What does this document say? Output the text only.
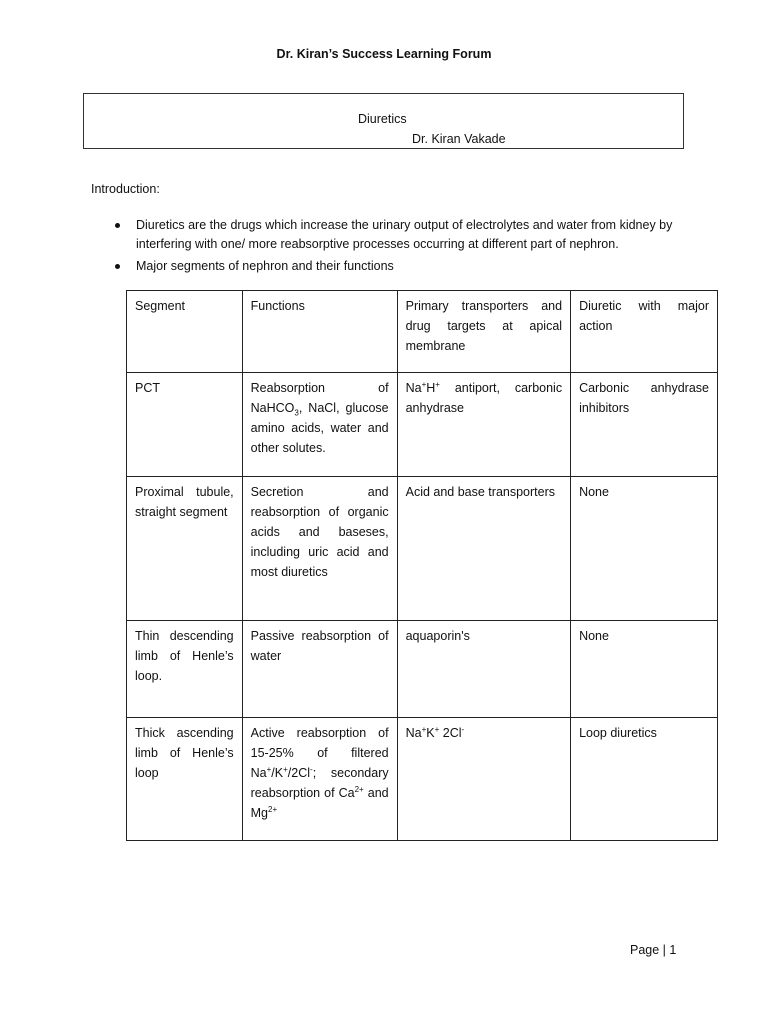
Dr. Kiran’s Success Learning Forum
Diuretics
Dr. Kiran Vakade
Introduction:
Diuretics are the drugs which increase the urinary output of electrolytes and water from kidney by interfering with one/ more reabsorptive processes occurring at different part of nephron.
Major segments of nephron and their functions
Segment	Functions	Primary transporters and drug targets at apical membrane	Diuretic with major action
PCT	Reabsorption of NaHCO$_3$, NaCl, glucose amino acids, water and other solutes.	Na+H+ antiport, carbonic anhydrase	Carbonic anhydrase inhibitors
Proximal tubule, straight segment	Secretion and reabsorption of organic acids and baseses, including uric acid and most diuretics	Acid and base transporters	None
Thin descending limb of Henle’s loop.	Passive reabsorption of water	aquaporin's	None
Thick ascending limb of Henle’s loop	Active reabsorption of 15-25% of filtered Na+/K+/2Cl-; secondary reabsorption of $Ca^{2+}$ and $Mg^{2+}$	Na+K+ 2Cl-	Loop diuretics
Page | 1
